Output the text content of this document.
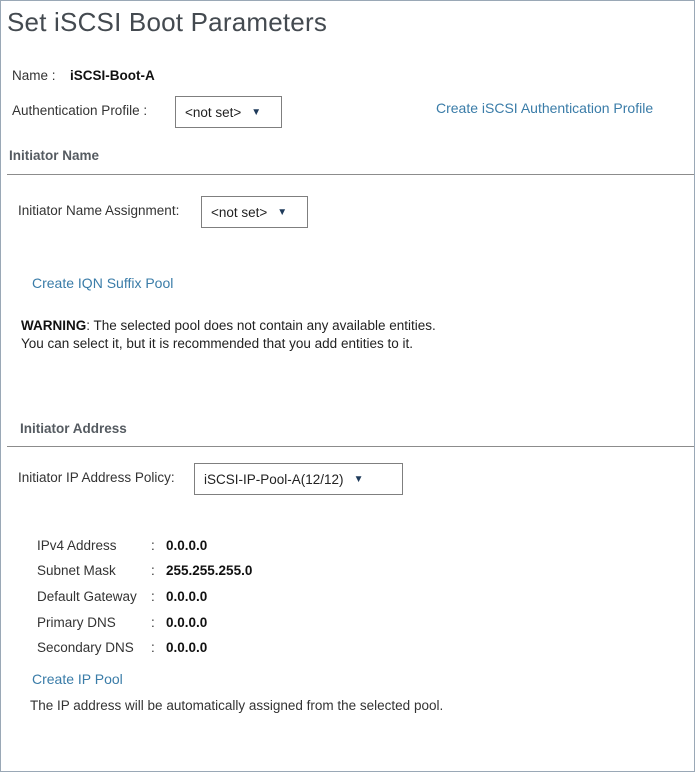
Set iSCSI Boot Parameters
Name : iSCSI-Boot-A
Authentication Profile :	<not set> ▼	Create iSCSI Authentication Profile
Initiator Name
Initiator Name Assignment: <not set> ▼
Create IQN Suffix Pool
WARNING: The selected pool does not contain any available entities.
You can select it, but it is recommended that you add entities to it.
Initiator Address
Initiator IP Address Policy: iSCSI-IP-Pool-A(12/12) ▼
IPv4 Address	: 0.0.0.0
Subnet Mask	: 255.255.255.0
Default Gateway : 0.0.0.0
Primary DNS	: 0.0.0.0
Secondary DNS : 0.0.0.0
Create IP Pool
The IP address will be automatically assigned from the selected pool.
